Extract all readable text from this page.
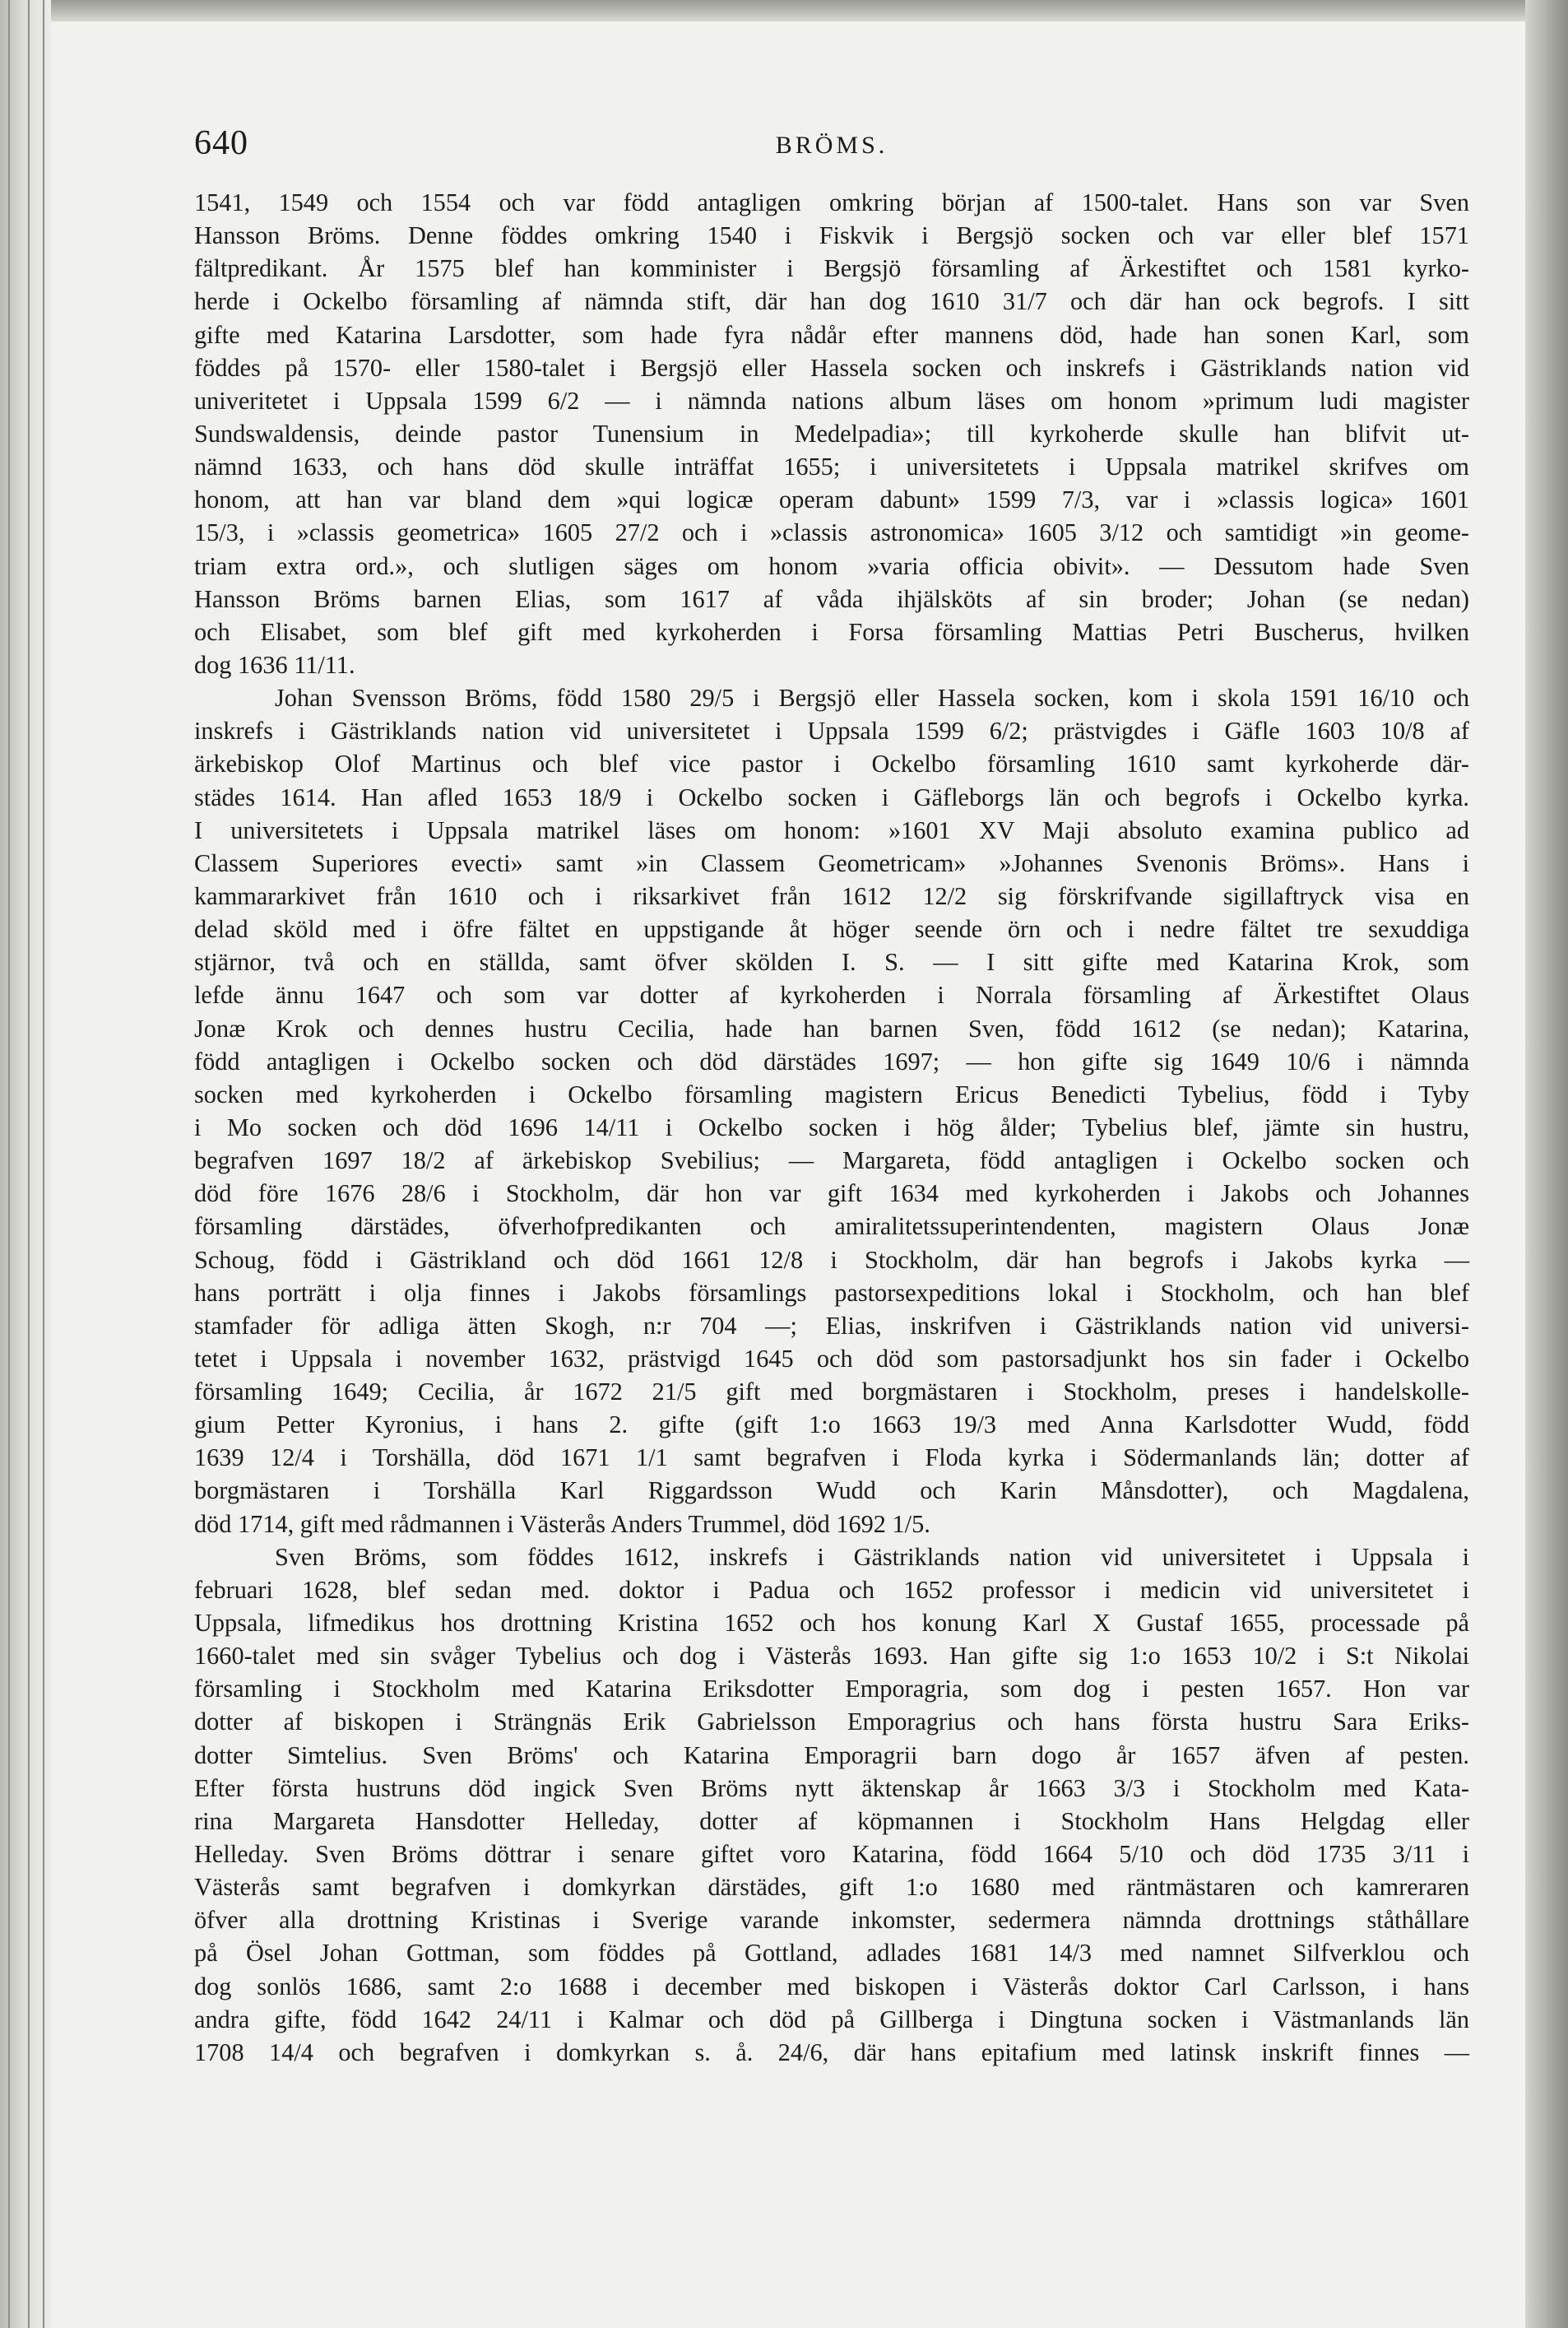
640	BRÖMS.
1541, 1549 och 1554 och var född antagligen omkring början af 1500-talet. Hans son var Sven
Hansson Bröms. Denne föddes omkring 1540 i Fiskvik i Bergsjö socken och var eller blef 1571
fältpredikant. År 1575 blef han komminister i Bergsjö församling af Ärkestiftet och 1581 kyrko-
herde i Ockelbo församling af nämnda stift, där han dog 1610 31/7 och där han ock begrofs. I sitt
gifte med Katarina Larsdotter, som hade fyra nådår efter mannens död, hade han sonen Karl, som
föddes på 1570- eller 1580-talet i Bergsjö eller Hassela socken och inskrefs i Gästriklands nation vid
univeritetet i Uppsala 1599 6/2 — i nämnda nations album läses om honom »primum ludi magister
Sundswaldensis, deinde pastor Tunensium in Medelpadia»; till kyrkoherde skulle han blifvit ut-
nämnd 1633, och hans död skulle inträffat 1655; i universitetets i Uppsala matrikel skrifves om
honom, att han var bland dem »qui logicæ operam dabunt» 1599 7/3, var i »classis logica» 1601
15/3, i »classis geometrica» 1605 27/2 och i »classis astronomica» 1605 3/12 och samtidigt »in geome-
triam extra ord.», och slutligen säges om honom »varia officia obivit». — Dessutom hade Sven
Hansson Bröms barnen Elias, som 1617 af våda ihjälsköts af sin broder; Johan (se nedan)
och Elisabet, som blef gift med kyrkoherden i Forsa församling Mattias Petri Buscherus, hvilken
dog 1636 11/11.
Johan Svensson Bröms, född 1580 29/5 i Bergsjö eller Hassela socken, kom i skola 1591 16/10 och
inskrefs i Gästriklands nation vid universitetet i Uppsala 1599 6/2; prästvigdes i Gäfle 1603 10/8 af
ärkebiskop Olof Martinus och blef vice pastor i Ockelbo församling 1610 samt kyrkoherde där-
städes 1614. Han afled 1653 18/9 i Ockelbo socken i Gäfleborgs län och begrofs i Ockelbo kyrka.
I universitetets i Uppsala matrikel läses om honom: »1601 XV Maji absoluto examina publico ad
Classem Superiores evecti» samt »in Classem Geometricam» »Johannes Svenonis Bröms». Hans i
kammararkivet från 1610 och i riksarkivet från 1612 12/2 sig förskrifvande sigillaftryck visa en
delad sköld med i öfre fältet en uppstigande åt höger seende örn och i nedre fältet tre sexuddiga
stjärnor, två och en ställda, samt öfver skölden I. S. — I sitt gifte med Katarina Krok, som
lefde ännu 1647 och som var dotter af kyrkoherden i Norrala församling af Ärkestiftet Olaus
Jonæ Krok och dennes hustru Cecilia, hade han barnen Sven, född 1612 (se nedan); Katarina,
född antagligen i Ockelbo socken och död därstädes 1697; — hon gifte sig 1649 10/6 i nämnda
socken med kyrkoherden i Ockelbo församling magistern Ericus Benedicti Tybelius, född i Tyby
i Mo socken och död 1696 14/11 i Ockelbo socken i hög ålder; Tybelius blef, jämte sin hustru,
begrafven 1697 18/2 af ärkebiskop Svebilius; — Margareta, född antagligen i Ockelbo socken och
död före 1676 28/6 i Stockholm, där hon var gift 1634 med kyrkoherden i Jakobs och Johannes
församling därstädes, öfverhofpredikanten och amiralitetssuperintendenten, magistern Olaus Jonæ
Schoug, född i Gästrikland och död 1661 12/8 i Stockholm, där han begrofs i Jakobs kyrka —
hans porträtt i olja finnes i Jakobs församlings pastorsexpeditions lokal i Stockholm, och han blef
stamfader för adliga ätten Skogh, n:r 704 —; Elias, inskrifven i Gästriklands nation vid universi-
tetet i Uppsala i november 1632, prästvigd 1645 och död som pastorsadjunkt hos sin fader i Ockelbo
församling 1649; Cecilia, år 1672 21/5 gift med borgmästaren i Stockholm, preses i handelskolle-
gium Petter Kyronius, i hans 2. gifte (gift 1:o 1663 19/3 med Anna Karlsdotter Wudd, född
1639 12/4 i Torshälla, död 1671 1/1 samt begrafven i Floda kyrka i Södermanlands län; dotter af
borgmästaren i Torshälla Karl Riggardsson Wudd och Karin Månsdotter), och Magdalena,
död 1714, gift med rådmannen i Västerås Anders Trummel, död 1692 1/5.
Sven Bröms, som föddes 1612, inskrefs i Gästriklands nation vid universitetet i Uppsala i
februari 1628, blef sedan med. doktor i Padua och 1652 professor i medicin vid universitetet i
Uppsala, lifmedikus hos drottning Kristina 1652 och hos konung Karl X Gustaf 1655, processade på
1660-talet med sin svåger Tybelius och dog i Västerås 1693. Han gifte sig 1:o 1653 10/2 i S:t Nikolai
församling i Stockholm med Katarina Eriksdotter Emporagria, som dog i pesten 1657. Hon var
dotter af biskopen i Strängnäs Erik Gabrielsson Emporagrius och hans första hustru Sara Eriks-
dotter Simtelius. Sven Bröms' och Katarina Emporagrii barn dogo år 1657 äfven af pesten.
Efter första hustruns död ingick Sven Bröms nytt äktenskap år 1663 3/3 i Stockholm med Kata-
rina Margareta Hansdotter Helleday, dotter af köpmannen i Stockholm Hans Helgdag eller
Helleday. Sven Bröms döttrar i senare giftet voro Katarina, född 1664 5/10 och död 1735 3/11 i
Västerås samt begrafven i domkyrkan därstädes, gift 1:o 1680 med räntmästaren och kamreraren
öfver alla drottning Kristinas i Sverige varande inkomster, sedermera nämnda drottnings ståthållare
på Ösel Johan Gottman, som föddes på Gottland, adlades 1681 14/3 med namnet Silfverklou och
dog sonlös 1686, samt 2:o 1688 i december med biskopen i Västerås doktor Carl Carlsson, i hans
andra gifte, född 1642 24/11 i Kalmar och död på Gillberga i Dingtuna socken i Västmanlands län
1708 14/4 och begrafven i domkyrkan s. å. 24/6, där hans epitafium med latinsk inskrift finnes —
